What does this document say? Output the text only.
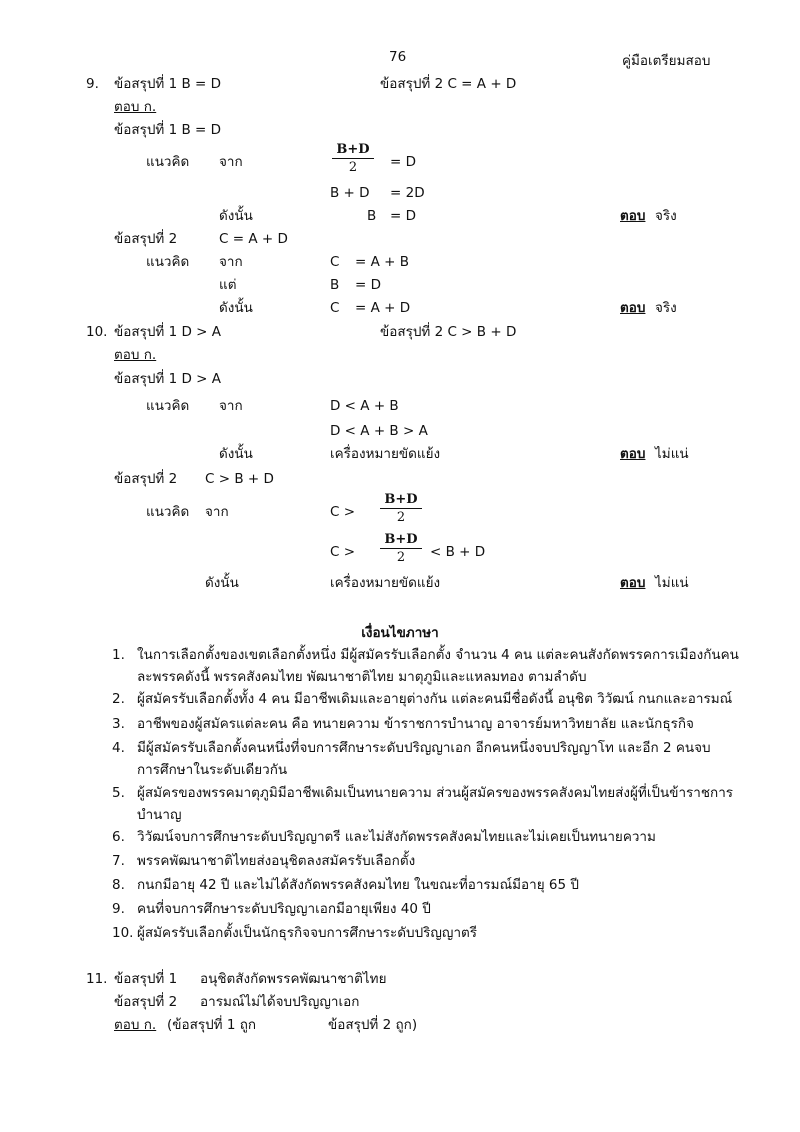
76	คู่มือเตรียมสอบ
9. ข้อสรุปที่ 1 B = D	ข้อสรุปที่ 2 C = A + D
ตอบ ก.
ข้อสรุปที่ 1 B = D
แนวคิด จาก
B+D
2	= D
B + D = 2D
ดังนั้น	B = D	ตอบ จริง
ข้อสรุปที่ 2	C = A + D
แนวคิด จาก	C = A + B
แต่	B = D
ดังนั้น	C = A + D	ตอบ จริง
10. ข้อสรุปที่ 1 D > A	ข้อสรุปที่ 2 C > B + D
ตอบ ก.
ข้อสรุปที่ 1 D > A
แนวคิด จาก	D < A + B
D < A + B > A
ดังนั้น	เครื่องหมายขัดแย้ง	ตอบ ไม่แน่
ข้อสรุปที่ 2 C > B + D
แนวคิด จาก	C >
B+D
2
C >
B+D
2	< B + D
ดังนั้น	เครื่องหมายขัดแย้ง	ตอบ ไม่แน่
เงื่อนไขภาษา
1. ในการเลือกตั้งของเขตเลือกตั้งหนึ่ง มีผู้สมัครรับเลือกตั้ง จำนวน 4 คน แต่ละคนสังกัดพรรคการเมืองกันคน
ละพรรคดังนี้ พรรคสังคมไทย พัฒนาชาติไทย มาตุภูมิและแหลมทอง ตามลำดับ
2. ผู้สมัครรับเลือกตั้งทั้ง 4 คน มีอาชีพเดิมและอายุต่างกัน แต่ละคนมีชื่อดังนี้ อนุชิต วิวัฒน์ กนกและอารมณ์
3. อาชีพของผู้สมัครแต่ละคน คือ ทนายความ ข้าราชการบำนาญ อาจารย์มหาวิทยาลัย และนักธุรกิจ
4. มีผู้สมัครรับเลือกตั้งคนหนึ่งที่จบการศึกษาระดับปริญญาเอก อีกคนหนึ่งจบปริญญาโท และอีก 2 คนจบ
การศึกษาในระดับเดียวกัน
5. ผู้สมัครของพรรคมาตุภูมิมีอาชีพเดิมเป็นทนายความ ส่วนผู้สมัครของพรรคสังคมไทยส่งผู้ที่เป็นข้าราชการ
บำนาญ
6. วิวัฒน์จบการศึกษาระดับปริญญาตรี และไม่สังกัดพรรคสังคมไทยและไม่เคยเป็นทนายความ
7. พรรคพัฒนาชาติไทยส่งอนุชิตลงสมัครรับเลือกตั้ง
8. กนกมีอายุ 42 ปี และไม่ได้สังกัดพรรคสังคมไทย ในขณะที่อารมณ์มีอายุ 65 ปี
9. คนที่จบการศึกษาระดับปริญญาเอกมีอายุเพียง 40 ปี
10. ผู้สมัครรับเลือกตั้งเป็นนักธุรกิจจบการศึกษาระดับปริญญาตรี
11. ข้อสรุปที่ 1 อนุชิตสังกัดพรรคพัฒนาชาติไทย
ข้อสรุปที่ 2 อารมณ์ไม่ได้จบปริญญาเอก
ตอบ ก. (ข้อสรุปที่ 1 ถูก	ข้อสรุปที่ 2 ถูก)
